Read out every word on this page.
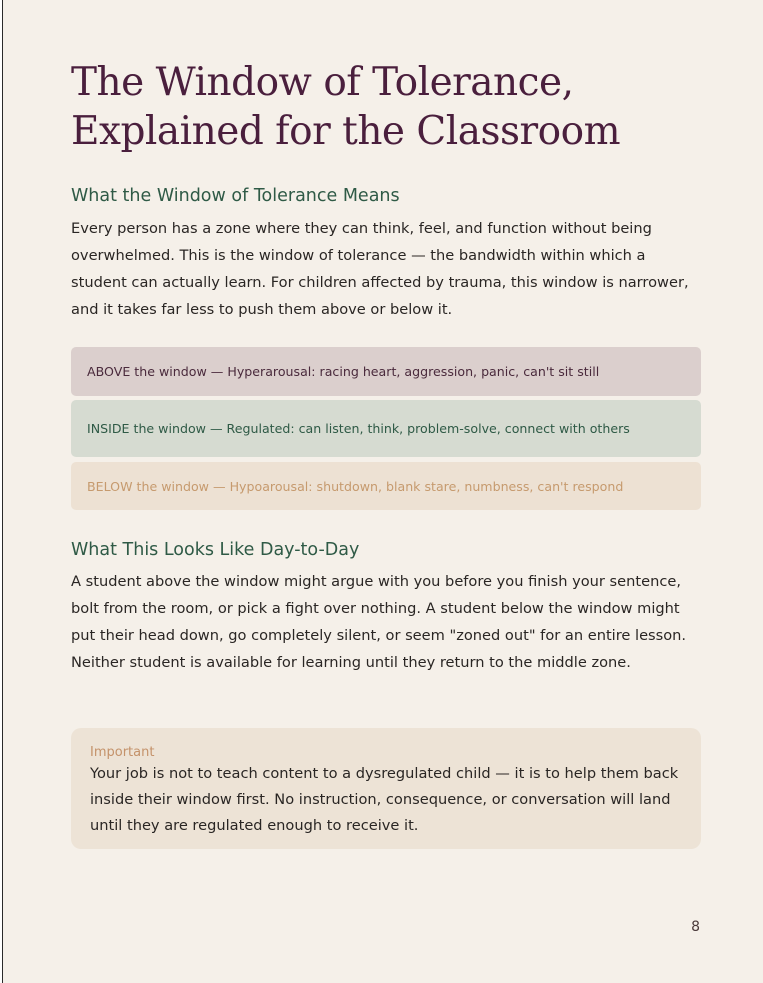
The Window of Tolerance, Explained for the Classroom
What the Window of Tolerance Means
Every person has a zone where they can think, feel, and function without being overwhelmed. This is the window of tolerance — the bandwidth within which a student can actually learn. For children affected by trauma, this window is narrower, and it takes far less to push them above or below it.
ABOVE the window — Hyperarousal: racing heart, aggression, panic, can't sit still
INSIDE the window — Regulated: can listen, think, problem-solve, connect with others
BELOW the window — Hypoarousal: shutdown, blank stare, numbness, can't respond
What This Looks Like Day-to-Day
A student above the window might argue with you before you finish your sentence, bolt from the room, or pick a fight over nothing. A student below the window might put their head down, go completely silent, or seem "zoned out" for an entire lesson. Neither student is available for learning until they return to the middle zone.
Important
Your job is not to teach content to a dysregulated child — it is to help them back inside their window first. No instruction, consequence, or conversation will land until they are regulated enough to receive it.
8
